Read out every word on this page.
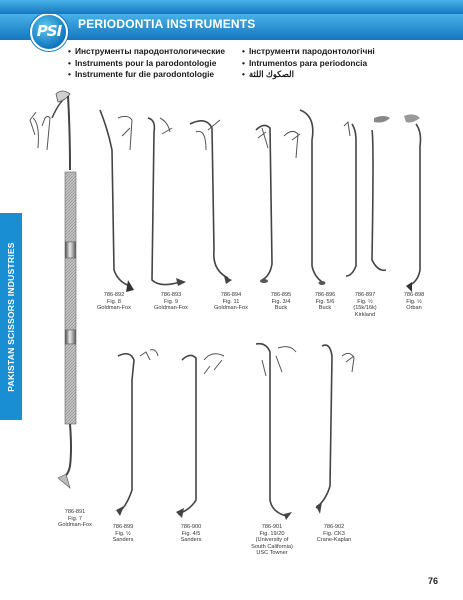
PSI	PERIODONTIA INSTRUMENTS
• Инструменты пародонтологические
• Instruments pour la parodontologie
• Instrumente fur die parodontologie
• Інструменти пародонтологічні
• Intrumentos para periodoncia
• الصكوك اللثة
PAKISTAN SCISSORS INDUSTRIES
786-891
Fig. 7
Goldman-Fox
786-892
Fig. 8
Goldman-Fox
786-893
Fig. 9
Goldman-Fox
786-894
Fig. 11
Goldman-Fox
786-895
Fig. 3/4
Buck
786-896
Fig. 5/6
Buck
786-897
Fig. ½
(15k/16k)
Kirkland
786-898
Fig. ½
Orban
786-899
Fig. ½
Sanders
786-900
Fig. 4/5
Sanders
786-901
Fig. 19/20
(University of
South California)
USC Towner
786-902
Fig. CK3
Crane-Kaplan
E- Mail: info@pakscissors.com	URL : www.pakscissors.com	76
